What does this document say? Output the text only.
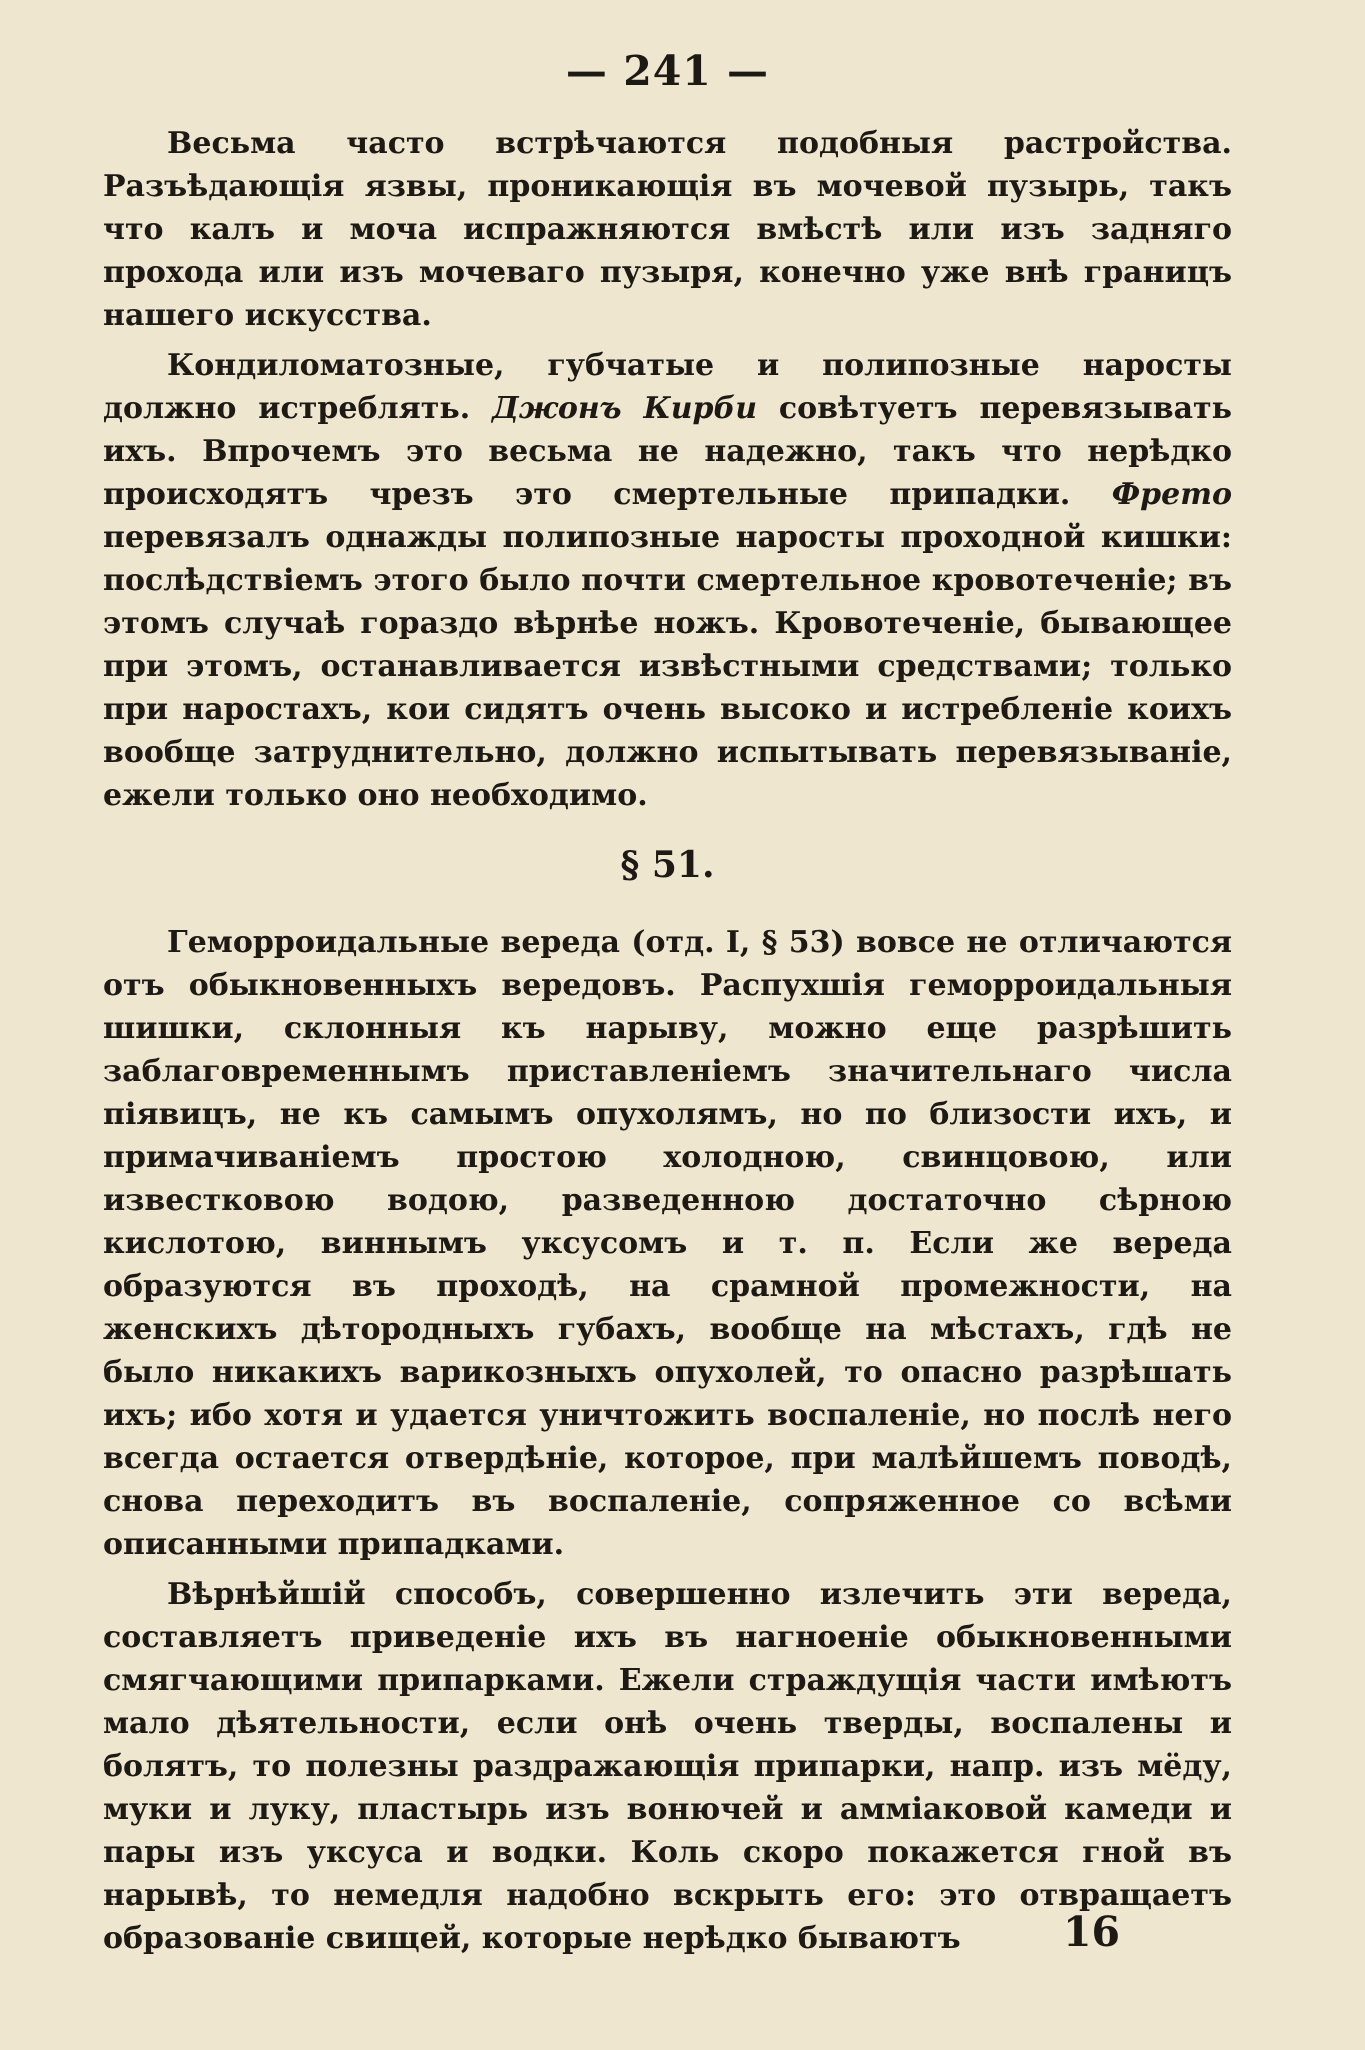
— 241 —

Весьма часто встрѣчаются подобныя растройства. Разъѣдающія язвы, проникающія въ мочевой пузырь, такъ что калъ и моча испражняются вмѣстѣ или изъ задняго прохода или изъ мочеваго пузыря, конечно уже внѣ границъ нашего искусства.

Кондиломатозные, губчатые и полипозные наросты должно истреблять. Джонъ Кирби совѣтуетъ перевязывать ихъ. Впрочемъ это весьма не надежно, такъ что нерѣдко происходятъ чрезъ это смертельные припадки. Фрето перевязалъ однажды полипозные наросты проходной кишки: послѣдствіемъ этого было почти смертельное кровотеченіе; въ этомъ случаѣ гораздо вѣрнѣе ножъ. Кровотеченіе, бывающее при этомъ, останавливается извѣстными средствами; только при наростахъ, кои сидятъ очень высоко и истребленіе коихъ вообще затруднительно, должно испытывать перевязываніе, ежели только оно необходимо.

§ 51.

Геморроидальные вереда (отд. I, § 53) вовсе не отличаются отъ обыкновенныхъ вередовъ. Распухшія геморроидальныя шишки, склонныя къ нарыву, можно еще разрѣшить заблаговременнымъ приставленіемъ значительнаго числа піявицъ, не къ самымъ опухолямъ, но по близости ихъ, и примачиваніемъ простою холодною, свинцовою, или известковою водою, разведенною достаточно сѣрною кислотою, виннымъ уксусомъ и т. п. Если же вереда образуются въ проходѣ, на срамной промежности, на женскихъ дѣтородныхъ губахъ, вообще на мѣстахъ, гдѣ не было никакихъ варикозныхъ опухолей, то опасно разрѣшать ихъ; ибо хотя и удается уничтожить воспаленіе, но послѣ него всегда остается отвердѣніе, которое, при малѣйшемъ поводѣ, снова переходитъ въ воспаленіе, сопряженное со всѣми описанными припадками.

Вѣрнѣйшій способъ, совершенно излечить эти вереда, составляетъ приведеніе ихъ въ нагноеніе обыкновенными смягчающими припарками. Ежели страждущія части имѣютъ мало дѣятельности, если онѣ очень тверды, воспалены и болятъ, то полезны раздражающія припарки, напр. изъ мёду, муки и луку, пластырь изъ вонючей и аммiаковой камеди и пары изъ уксуса и водки. Коль скоро покажется гной въ нарывѣ, то немедля надобно вскрыть его: это отвращаетъ образованіе свищей, которые нерѣдко бываютъ	16
